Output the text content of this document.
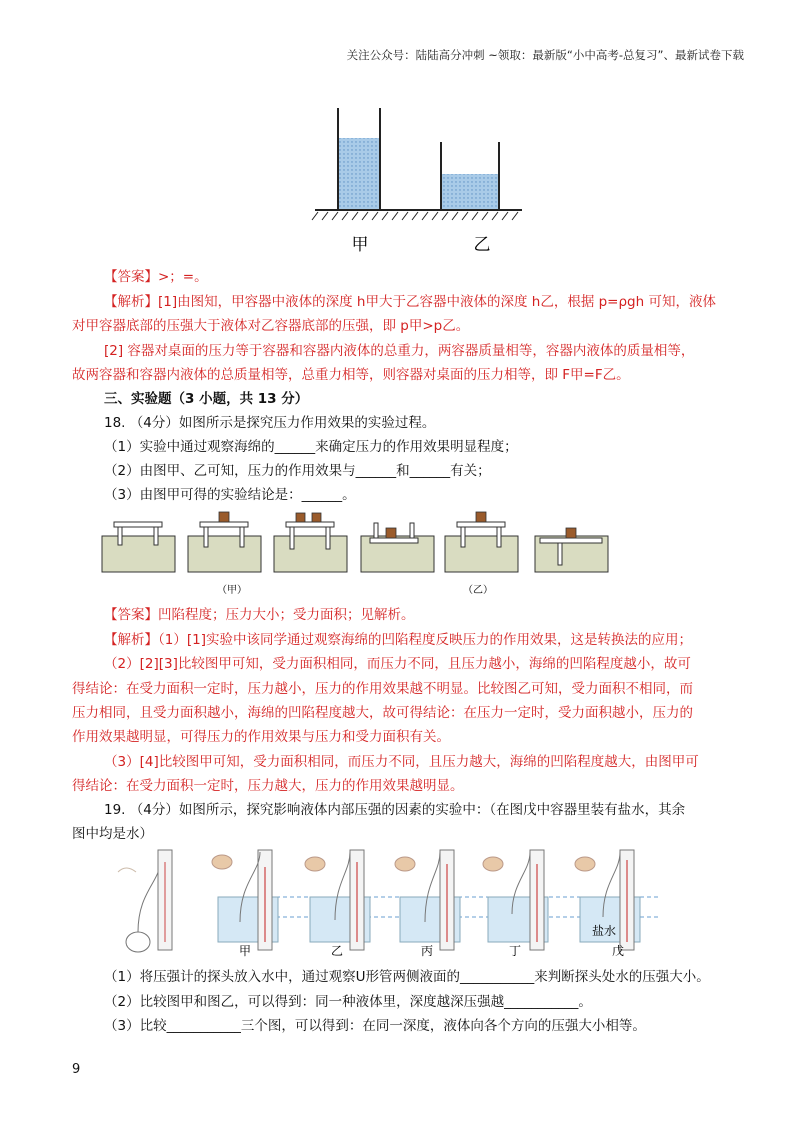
关注公众号：陆陆高分冲刺 ~领取：最新版“小中高考-总复习”、最新试卷下载
甲	乙
【答案】>；=。
【解析】[1]由图知，甲容器中液体的深度 h甲大于乙容器中液体的深度 h乙，根据 p=ρgh 可知，液体
对甲容器底部的压强大于液体对乙容器底部的压强，即 p甲>p乙。
[2] 容器对桌面的压力等于容器和容器内液体的总重力，两容器质量相等，容器内液体的质量相等，
故两容器和容器内液体的总质量相等，总重力相等，则容器对桌面的压力相等，即 F甲=F乙。
三、实验题（3 小题，共 13 分）
18. （4分）如图所示是探究压力作用效果的实验过程。
（1）实验中通过观察海绵的______来确定压力的作用效果明显程度；
（2）由图甲、乙可知，压力的作用效果与______和______有关；
（3）由图甲可得的实验结论是：______。
（甲）	（乙）
【答案】凹陷程度；压力大小；受力面积；见解析。
【解析】（1）[1]实验中该同学通过观察海绵的凹陷程度反映压力的作用效果，这是转换法的应用；
（2）[2][3]比较图甲可知，受力面积相同，而压力不同，且压力越小，海绵的凹陷程度越小，故可
得结论：在受力面积一定时，压力越小，压力的作用效果越不明显。比较图乙可知，受力面积不相同，而
压力相同，且受力面积越小，海绵的凹陷程度越大，故可得结论：在压力一定时，受力面积越小，压力的
作用效果越明显，可得压力的作用效果与压力和受力面积有关。
（3）[4]比较图甲可知，受力面积相同，而压力不同，且压力越大，海绵的凹陷程度越大，由图甲可
得结论：在受力面积一定时，压力越大，压力的作用效果越明显。
19. （4分）如图所示，探究影响液体内部压强的因素的实验中：（在图戊中容器里装有盐水，其余
图中均是水）
甲	乙	丙	丁	戊
盐水
（1）将压强计的探头放入水中，通过观察U形管两侧液面的___________来判断探头处水的压强大小。
（2）比较图甲和图乙，可以得到：同一种液体里，深度越深压强越___________。
（3）比较___________三个图，可以得到：在同一深度，液体向各个方向的压强大小相等。
9
